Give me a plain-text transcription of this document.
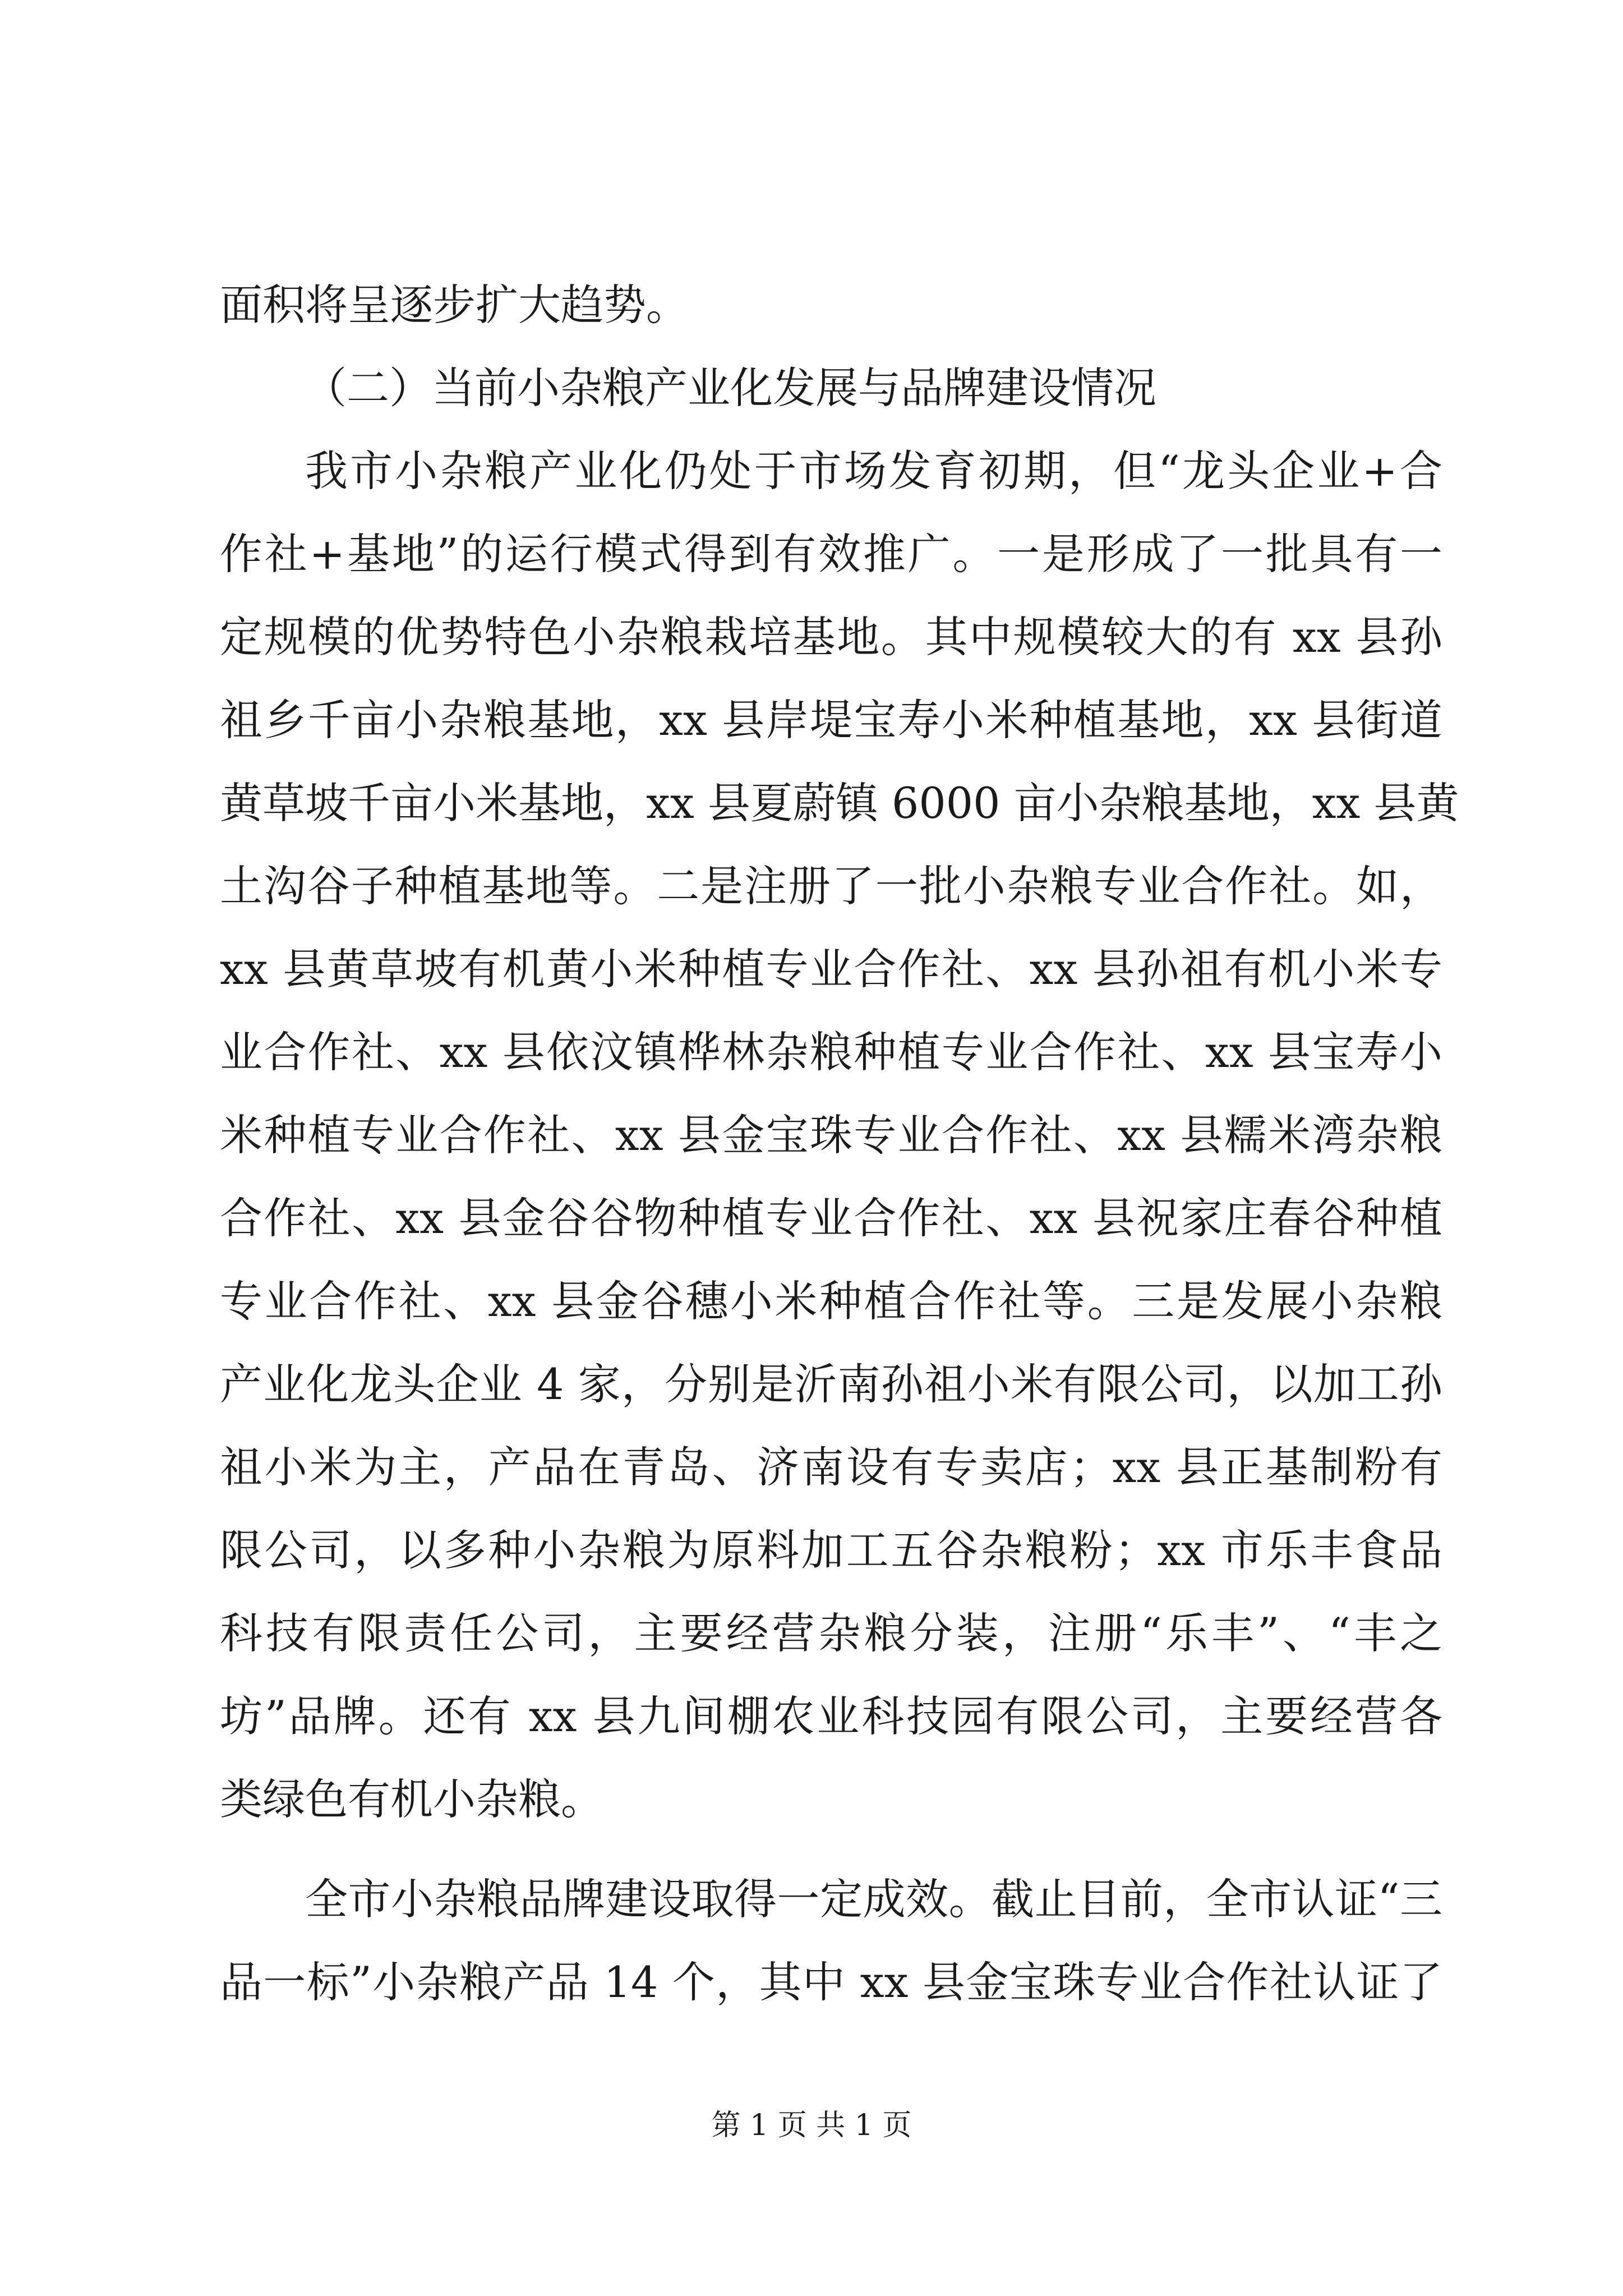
面积将呈逐步扩大趋势。
（二）当前小杂粮产业化发展与品牌建设情况
我市小杂粮产业化仍处于市场发育初期，但“龙头企业+合
作社+基地”的运行模式得到有效推广。一是形成了一批具有一
定规模的优势特色小杂粮栽培基地。其中规模较大的有 xx 县孙
祖乡千亩小杂粮基地，xx 县岸堤宝寿小米种植基地，xx 县街道
黄草坡千亩小米基地，xx 县夏蔚镇 6000 亩小杂粮基地，xx 县黄
土沟谷子种植基地等。二是注册了一批小杂粮专业合作社。如，
xx 县黄草坡有机黄小米种植专业合作社、xx 县孙祖有机小米专
业合作社、xx 县依汶镇桦林杂粮种植专业合作社、xx 县宝寿小
米种植专业合作社、xx 县金宝珠专业合作社、xx 县糯米湾杂粮
合作社、xx 县金谷谷物种植专业合作社、xx 县祝家庄春谷种植
专业合作社、xx 县金谷穗小米种植合作社等。三是发展小杂粮
产业化龙头企业 4 家，分别是沂南孙祖小米有限公司，以加工孙
祖小米为主，产品在青岛、济南设有专卖店；xx 县正基制粉有
限公司，以多种小杂粮为原料加工五谷杂粮粉；xx 市乐丰食品
科技有限责任公司，主要经营杂粮分装，注册“乐丰”、“丰之
坊”品牌。还有 xx 县九间棚农业科技园有限公司，主要经营各
类绿色有机小杂粮。
全市小杂粮品牌建设取得一定成效。截止目前，全市认证“三
品一标”小杂粮产品 14 个，其中 xx 县金宝珠专业合作社认证了
第 1 页 共 1 页
